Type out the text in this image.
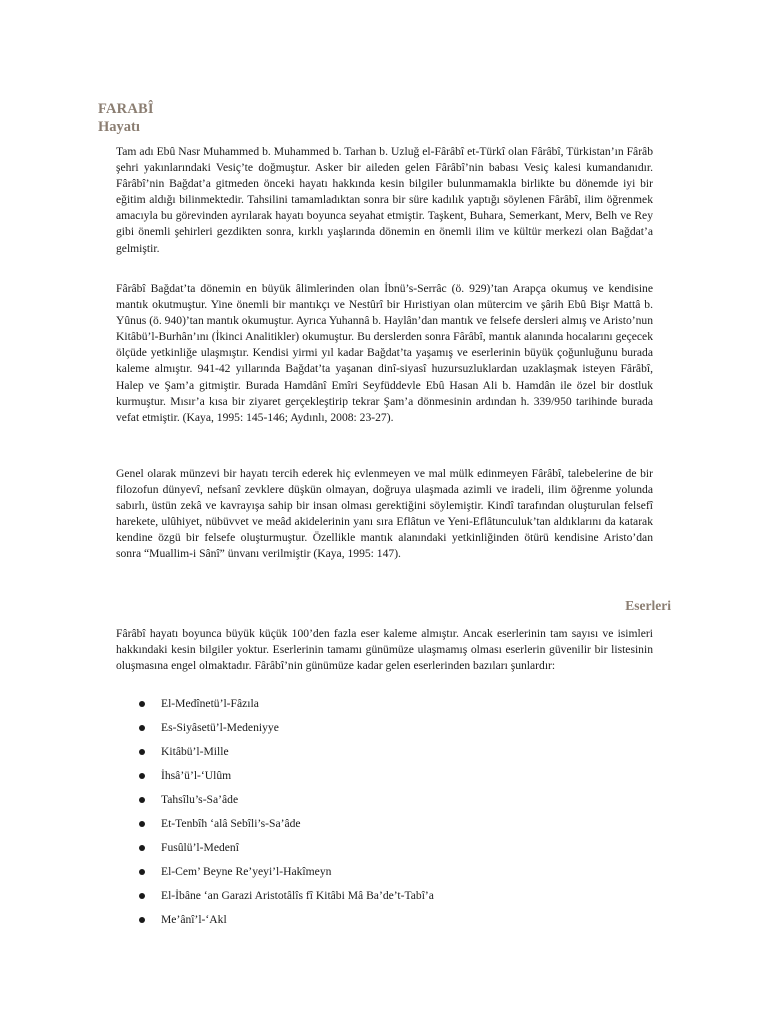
FARABÎ
Hayatı

Tam adı Ebû Nasr Muhammed b. Muhammed b. Tarhan b. Uzluğ el-Fârâbî et-Türkî olan Fârâbî, Türkistan’ın Fârâb şehri yakınlarındaki Vesiç’te doğmuştur. Asker bir aileden gelen Fârâbî’nin babası Vesiç kalesi kumandanıdır. Fârâbî’nin Bağdat’a gitmeden önceki hayatı hakkında kesin bilgiler bulunmamakla birlikte bu dönemde iyi bir eğitim aldığı bilinmektedir. Tahsilini tamamladıktan sonra bir süre kadılık yaptığı söylenen Fârâbî, ilim öğrenmek amacıyla bu görevinden ayrılarak hayatı boyunca seyahat etmiştir. Taşkent, Buhara, Semerkant, Merv, Belh ve Rey gibi önemli şehirleri gezdikten sonra, kırklı yaşlarında dönemin en önemli ilim ve kültür merkezi olan Bağdat’a gelmiştir.

Fârâbî Bağdat’ta dönemin en büyük âlimlerinden olan İbnü’s-Serrâc (ö. 929)’tan Arapça okumuş ve kendisine mantık okutmuştur. Yine önemli bir mantıkçı ve Nestûrî bir Hıristiyan olan mütercim ve şârih Ebû Bişr Mattâ b. Yûnus (ö. 940)’tan mantık okumuştur. Ayrıca Yuhannâ b. Haylân’dan mantık ve felsefe dersleri almış ve Aristo’nun Kitâbü’l-Burhân’ını (İkinci Analitikler) okumuştur. Bu derslerden sonra Fârâbî, mantık alanında hocalarını geçecek ölçüde yetkinliğe ulaşmıştır. Kendisi yirmi yıl kadar Bağdat’ta yaşamış ve eserlerinin büyük çoğunluğunu burada kaleme almıştır. 941-42 yıllarında Bağdat’ta yaşanan dinî-siyasî huzursuzluklardan uzaklaşmak isteyen Fârâbî, Halep ve Şam’a gitmiştir. Burada Hamdânî Emîri Seyfüddevle Ebû Hasan Ali b. Hamdân ile özel bir dostluk kurmuştur. Mısır’a kısa bir ziyaret gerçekleştirip tekrar Şam’a dönmesinin ardından h. 339/950 tarihinde burada vefat etmiştir. (Kaya, 1995: 145-146; Aydınlı, 2008: 23-27).

Genel olarak münzevi bir hayatı tercih ederek hiç evlenmeyen ve mal mülk edinmeyen Fârâbî, talebelerine de bir filozofun dünyevî, nefsanî zevklere düşkün olmayan, doğruya ulaşmada azimli ve iradeli, ilim öğrenme yolunda sabırlı, üstün zekâ ve kavrayışa sahip bir insan olması gerektiğini söylemiştir. Kindî tarafından oluşturulan felsefî harekete, ulûhiyet, nübüvvet ve meâd akidelerinin yanı sıra Eflâtun ve Yeni-Eflâtunculuk’tan aldıklarını da katarak kendine özgü bir felsefe oluşturmuştur. Özellikle mantık alanındaki yetkinliğinden ötürü kendisine Aristo’dan sonra “Muallim-i Sânî” ünvanı verilmiştir (Kaya, 1995: 147).

Eserleri

Fârâbî hayatı boyunca büyük küçük 100’den fazla eser kaleme almıştır. Ancak eserlerinin tam sayısı ve isimleri hakkındaki kesin bilgiler yoktur. Eserlerinin tamamı günümüze ulaşmamış olması eserlerin güvenilir bir listesinin oluşmasına engel olmaktadır. Fârâbî’nin günümüze kadar gelen eserlerinden bazıları şunlardır:

El-Medînetü’l-Fâzıla
Es-Siyâsetü’l-Medeniyye
Kitâbü’l-Mille
İhsâ’ü’l-‘Ulûm
Tahsîlu’s-Sa’âde
Et-Tenbîh ‘alâ Sebîli’s-Sa’âde
Fusûlü’l-Medenî
El-Cem’ Beyne Re’yeyi’l-Hakîmeyn
El-İbâne ‘an Garazi Aristotâlîs fî Kitâbi Mâ Ba’de’t-Tabî’a
Me’ânî’l-‘Akl
